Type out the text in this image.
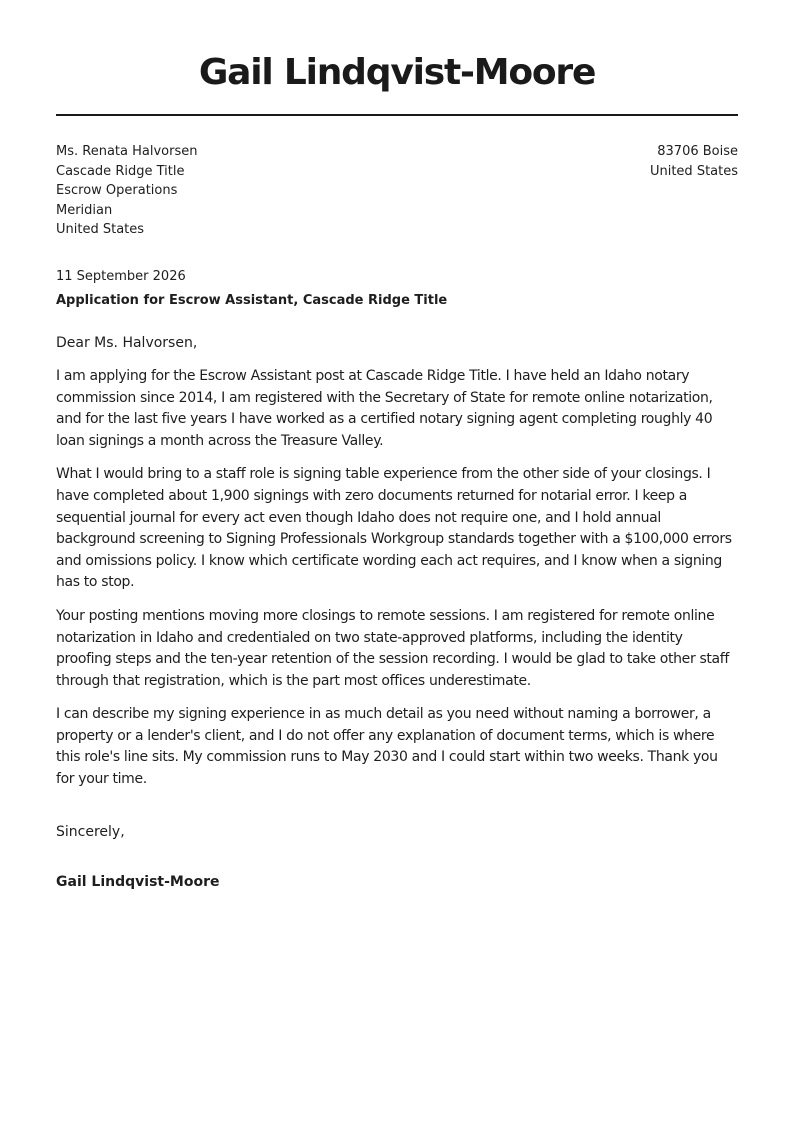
Gail Lindqvist-Moore
Ms. Renata Halvorsen
Cascade Ridge Title
Escrow Operations
Meridian
United States
83706 Boise
United States
11 September 2026
Application for Escrow Assistant, Cascade Ridge Title
Dear Ms. Halvorsen,

I am applying for the Escrow Assistant post at Cascade Ridge Title. I have held an Idaho notary commission since 2014, I am registered with the Secretary of State for remote online notarization, and for the last five years I have worked as a certified notary signing agent completing roughly 40 loan signings a month across the Treasure Valley.

What I would bring to a staff role is signing table experience from the other side of your closings. I have completed about 1,900 signings with zero documents returned for notarial error. I keep a sequential journal for every act even though Idaho does not require one, and I hold annual background screening to Signing Professionals Workgroup standards together with a $100,000 errors and omissions policy. I know which certificate wording each act requires, and I know when a signing has to stop.

Your posting mentions moving more closings to remote sessions. I am registered for remote online notarization in Idaho and credentialed on two state-approved platforms, including the identity proofing steps and the ten-year retention of the session recording. I would be glad to take other staff through that registration, which is the part most offices underestimate.

I can describe my signing experience in as much detail as you need without naming a borrower, a property or a lender's client, and I do not offer any explanation of document terms, which is where this role's line sits. My commission runs to May 2030 and I could start within two weeks. Thank you for your time.

Sincerely,
Gail Lindqvist-Moore
